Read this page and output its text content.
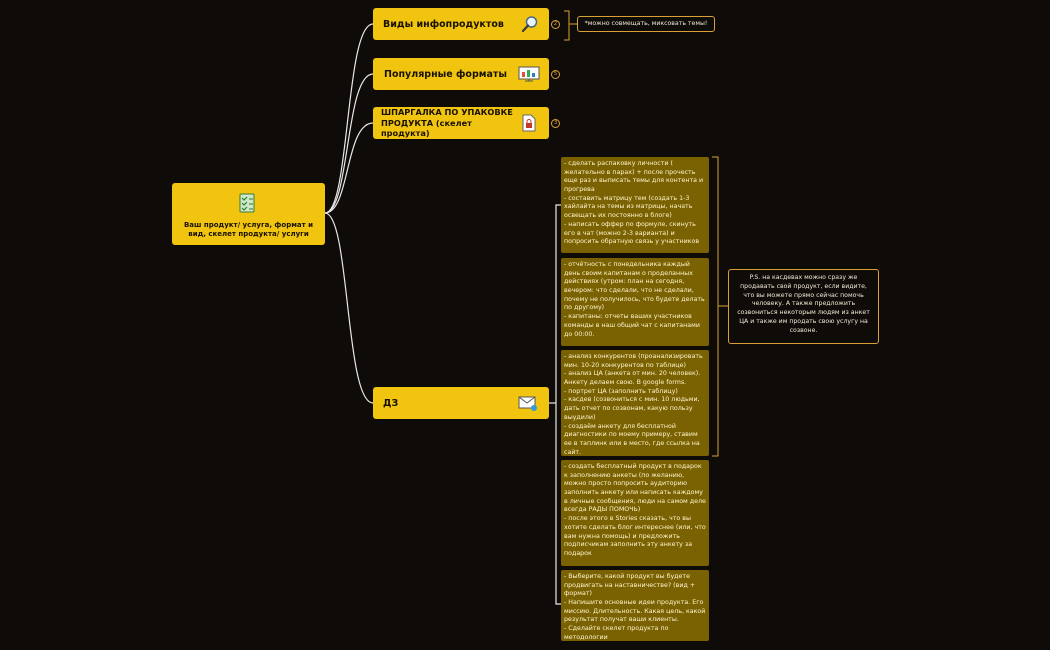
Ваш продукт/ услуга, формат и вид, скелет продукта/ услуги
Виды инфопродуктов	2
Популярные форматы	5
ШПАРГАЛКА ПО УПАКОВКЕ ПРОДУКТА (скелет продукта)
3
ДЗ
*можно совмещать, миксовать темы!
- сделать распаковку личности ( желательно в парах) + после прочесть еще раз и выписать темы для контента и прогрева
- составить матрицу тем (создать 1-3 хайлайта на темы из матрицы, начать освещать их постоянно в блоге)
- написать оффер по формуле, скинуть его в чат (можно 2-3 варианта) и попросить обратную связь у участников
- отчётность с понедельника каждый день своим капитанам о проделанных действиях (утром: план на сегодня, вечером: что сделали, что не сделали, почему не получилось, что будете делать по другому)
- капитаны: отчеты ваших участников команды в наш общий чат с капитанами до 00:00.
- анализ конкурентов (проанализировать мин. 10-20 конкурентов по таблице)
- анализ ЦА (анкета от мин. 20 человек). Анкету делаем свою. В google forms.
- портрет ЦА (заполнить таблицу)
- касдев (созвониться с мин. 10 людьми, дать отчет по созвонам, какую пользу выудили)
- создаём анкету для бесплатной диагностики по моему примеру, ставим ее в таплинк или в место, где ссылка на сайт.
- создать бесплатный продукт в подарок к заполнению анкеты (по желанию, можно просто попросить аудиторию заполнить анкету или написать каждому в личные сообщения, люди на самом деле всегда РАДЫ ПОМОЧЬ)
- после этого в Stories сказать, что вы хотите сделать блог интереснее (или, что вам нужна помощь) и предложить подписчикам заполнить эту анкету за подарок
- Выберите, какой продукт вы будете продвигать на наставничестве? (вид + формат)
- Напишите основные идеи продукта. Его миссию. Длительность. Какая цель, какой результат получат ваши клиенты.
- Сделайте скелет продукта по методологии
P.S. на касдевах можно сразу же продавать свой продукт, если видите, что вы можете прямо сейчас помочь человеку. А также предложить созвониться некоторым людям из анкет ЦА и также им продать свою услугу на созвоне.
